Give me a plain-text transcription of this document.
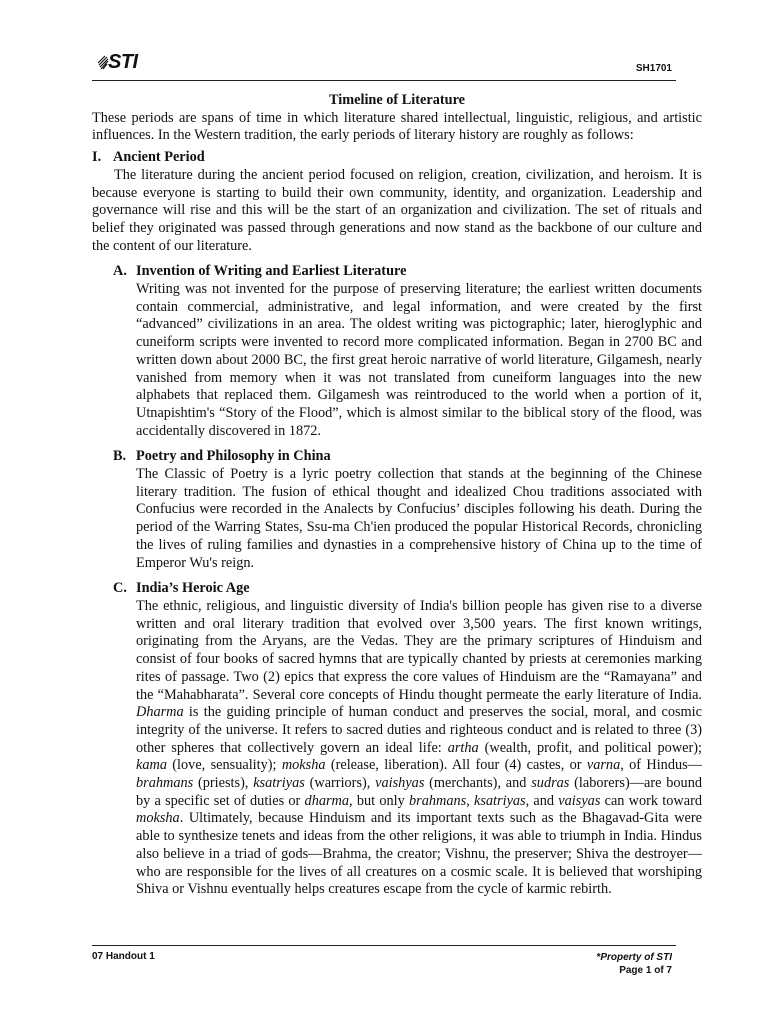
STI	SH1701

Timeline of Literature

These periods are spans of time in which literature shared intellectual, linguistic, religious, and artistic influences. In the Western tradition, the early periods of literary history are roughly as follows:

I. Ancient Period

The literature during the ancient period focused on religion, creation, civilization, and heroism. It is because everyone is starting to build their own community, identity, and organization. Leadership and governance will rise and this will be the start of an organization and civilization. The set of rituals and belief they originated was passed through generations and now stand as the backbone of our culture and the content of our literature.

A. Invention of Writing and Earliest Literature

Writing was not invented for the purpose of preserving literature; the earliest written documents contain commercial, administrative, and legal information, and were created by the first “advanced” civilizations in an area. The oldest writing was pictographic; later, hieroglyphic and cuneiform scripts were invented to record more complicated information. Began in 2700 BC and written down about 2000 BC, the first great heroic narrative of world literature, Gilgamesh, nearly vanished from memory when it was not translated from cuneiform languages into the new alphabets that replaced them. Gilgamesh was reintroduced to the world when a portion of it, Utnapishtim's “Story of the Flood”, which is almost similar to the biblical story of the flood, was accidentally discovered in 1872.

B. Poetry and Philosophy in China

The Classic of Poetry is a lyric poetry collection that stands at the beginning of the Chinese literary tradition. The fusion of ethical thought and idealized Chou traditions associated with Confucius were recorded in the Analects by Confucius’ disciples following his death. During the period of the Warring States, Ssu-ma Ch'ien produced the popular Historical Records, chronicling the lives of ruling families and dynasties in a comprehensive history of China up to the time of Emperor Wu's reign.

C. India’s Heroic Age

The ethnic, religious, and linguistic diversity of India's billion people has given rise to a diverse written and oral literary tradition that evolved over 3,500 years. The first known writings, originating from the Aryans, are the Vedas. They are the primary scriptures of Hinduism and consist of four books of sacred hymns that are typically chanted by priests at ceremonies marking rites of passage. Two (2) epics that express the core values of Hinduism are the “Ramayana” and the “Mahabharata”. Several core concepts of Hindu thought permeate the early literature of India. Dharma is the guiding principle of human conduct and preserves the social, moral, and cosmic integrity of the universe. It refers to sacred duties and righteous conduct and is related to three (3) other spheres that collectively govern an ideal life: artha (wealth, profit, and political power); kama (love, sensuality); moksha (release, liberation). All four (4) castes, or varna, of Hindus—brahmans (priests), ksatriyas (warriors), vaishyas (merchants), and sudras (laborers)—are bound by a specific set of duties or dharma, but only brahmans, ksatriyas, and vaisyas can work toward moksha. Ultimately, because Hinduism and its important texts such as the Bhagavad-Gita were able to synthesize tenets and ideas from the other religions, it was able to triumph in India. Hindus also believe in a triad of gods—Brahma, the creator; Vishnu, the preserver; Shiva the destroyer—who are responsible for the lives of all creatures on a cosmic scale. It is believed that worshiping Shiva or Vishnu eventually helps creatures escape from the cycle of karmic rebirth.

07 Handout 1	*Property of STI
Page 1 of 7
